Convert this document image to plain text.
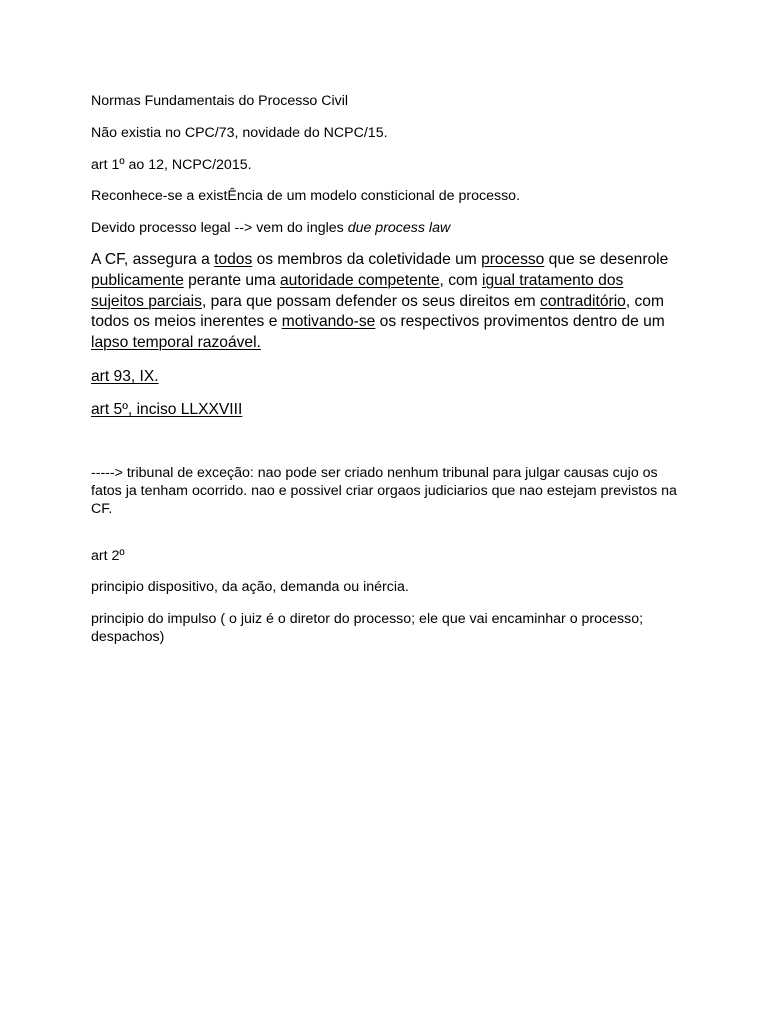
Normas Fundamentais do Processo Civil

Não existia no CPC/73, novidade do NCPC/15.

art 1º ao 12, NCPC/2015.

Reconhece-se a existÊncia de um modelo consticional de processo.

Devido processo legal --> vem do ingles due process law

A CF, assegura a todos os membros da coletividade um processo que se desenrole publicamente perante uma autoridade competente, com igual tratamento dos sujeitos parciais, para que possam defender os seus direitos em contraditório, com todos os meios inerentes e motivando-se os respectivos provimentos dentro de um lapso temporal razoável.

art 93, IX.

art 5º, inciso LLXXVIII

-----> tribunal de exceção: nao pode ser criado nenhum tribunal para julgar causas cujo os fatos ja tenham ocorrido. nao e possivel criar orgaos judiciarios que nao estejam previstos na CF.

art 2º

principio dispositivo, da ação, demanda ou inércia.

principio do impulso ( o juiz é o diretor do processo; ele que vai encaminhar o processo; despachos)
